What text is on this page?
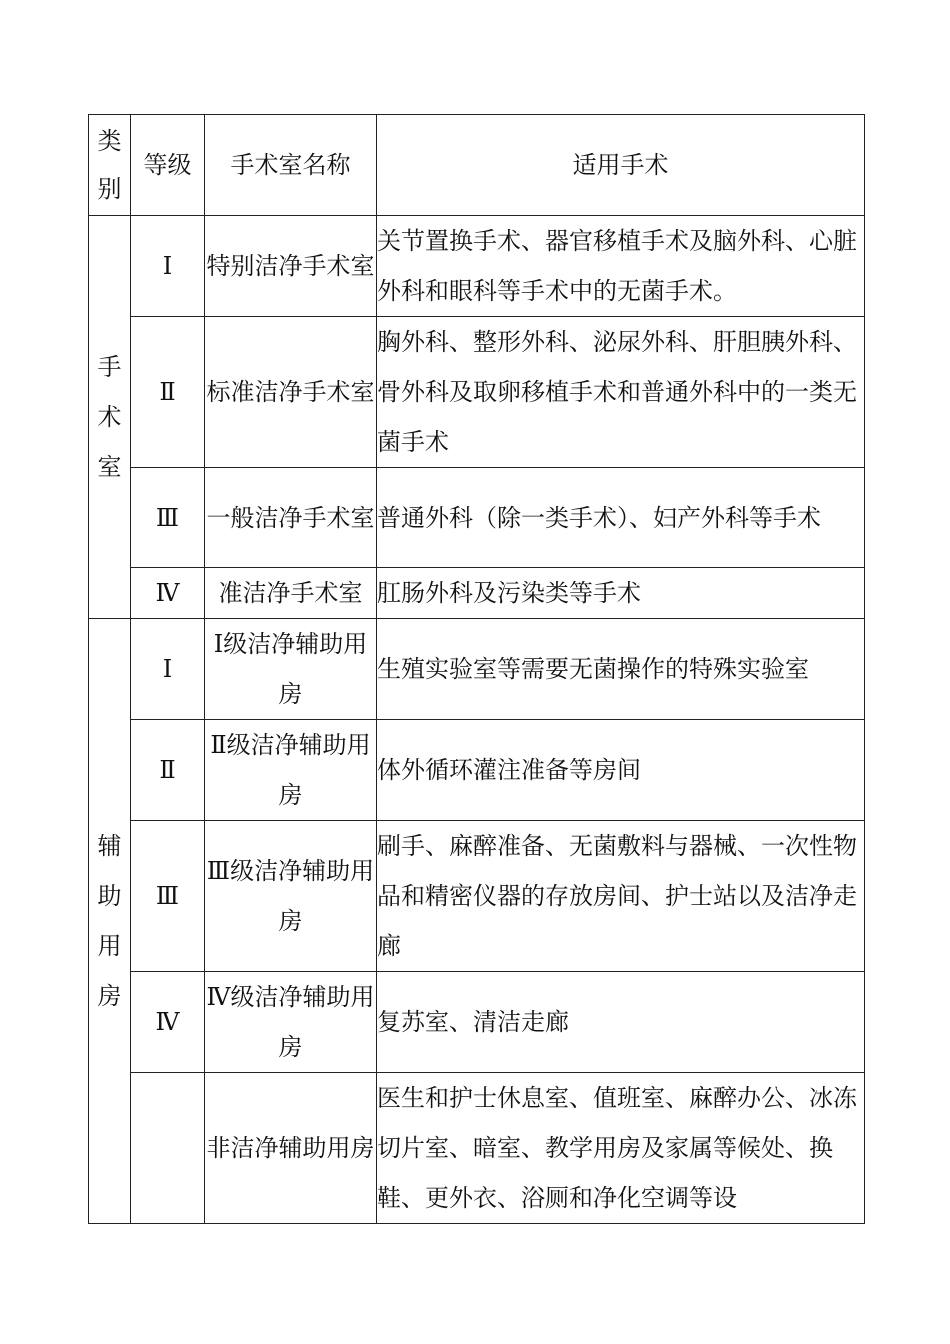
类别	等级	手术室名称	适用手术

手术室	Ⅰ	特别洁净手术室	关节置换手术、器官移植手术及脑外科、心脏外科和眼科等手术中的无菌手术。
	Ⅱ	标准洁净手术室	胸外科、整形外科、泌尿外科、肝胆胰外科、骨外科及取卵移植手术和普通外科中的一类无菌手术
	Ⅲ	一般洁净手术室	普通外科（除一类手术）、妇产外科等手术
	Ⅳ	准洁净手术室	肛肠外科及污染类等手术

辅助用房	Ⅰ	Ⅰ级洁净辅助用房	生殖实验室等需要无菌操作的特殊实验室
	Ⅱ	Ⅱ级洁净辅助用房	体外循环灌注准备等房间
	Ⅲ	Ⅲ级洁净辅助用房	刷手、麻醉准备、无菌敷料与器械、一次性物品和精密仪器的存放房间、护士站以及洁净走廊
	Ⅳ	Ⅳ级洁净辅助用房	复苏室、清洁走廊
		非洁净辅助用房	医生和护士休息室、值班室、麻醉办公、冰冻切片室、暗室、教学用房及家属等候处、换鞋、更外衣、浴厕和净化空调等设
